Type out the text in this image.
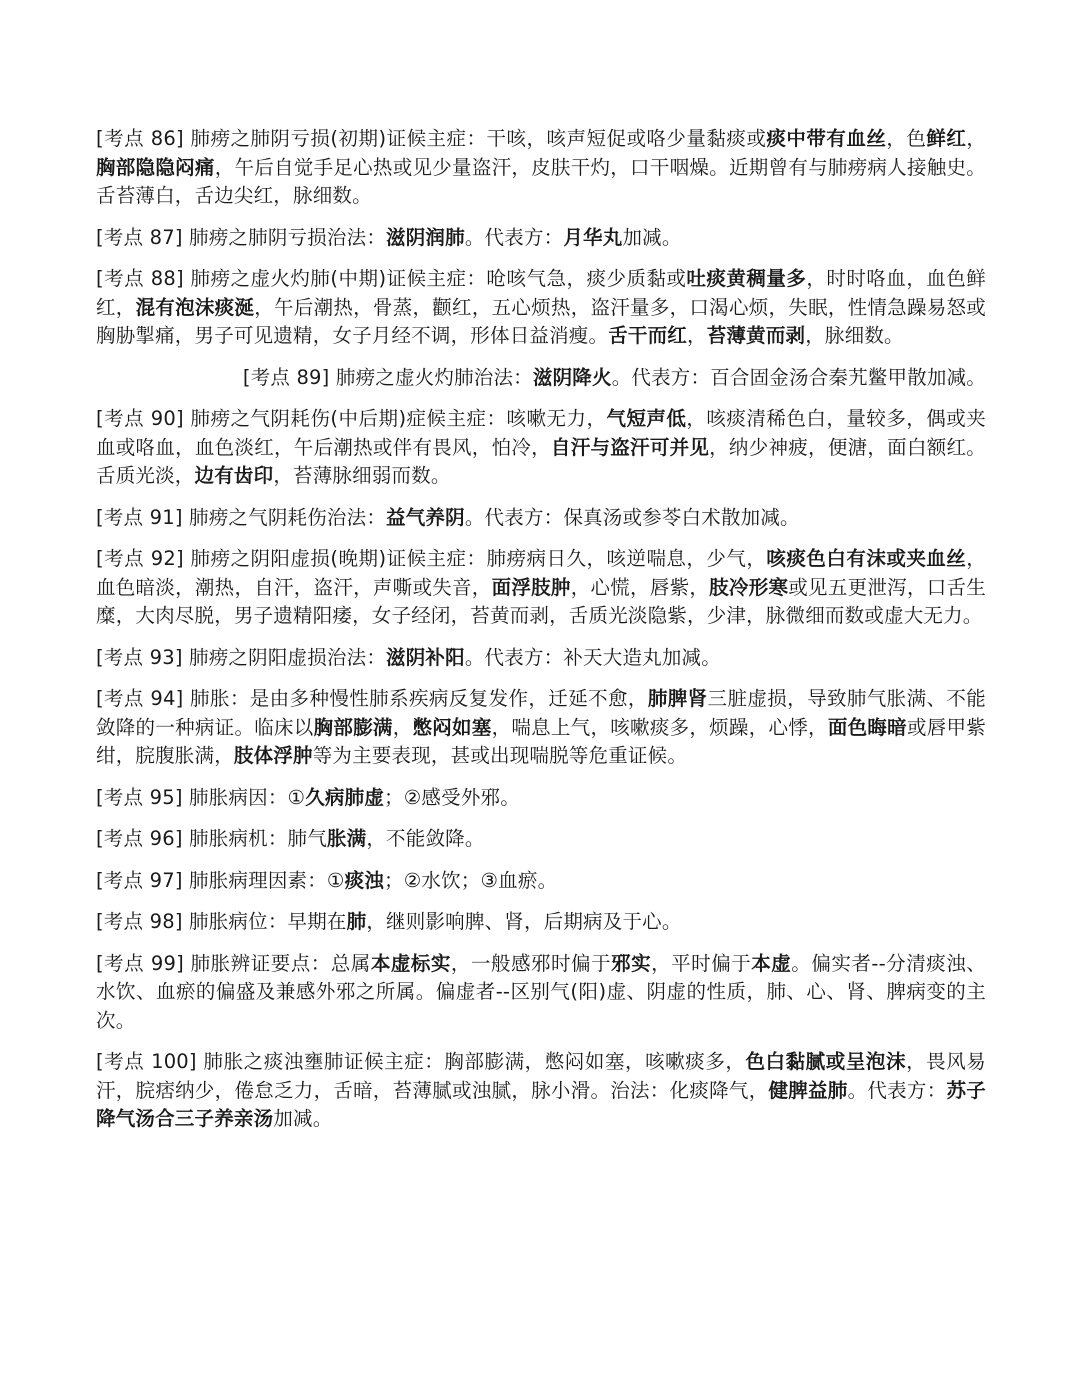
[考点 86] 肺痨之肺阴亏损(初期)证候主症：干咳，咳声短促或咯少量黏痰或痰中带有血丝，色鲜红，胸部隐隐闷痛，午后自觉手足心热或见少量盗汗，皮肤干灼，口干咽燥。近期曾有与肺痨病人接触史。舌苔薄白，舌边尖红，脉细数。

[考点 87] 肺痨之肺阴亏损治法：滋阴润肺。代表方：月华丸加减。

[考点 88] 肺痨之虚火灼肺(中期)证候主症：呛咳气急，痰少质黏或吐痰黄稠量多，时时咯血，血色鲜红，混有泡沫痰涎，午后潮热，骨蒸，颧红，五心烦热，盗汗量多，口渴心烦，失眠，性情急躁易怒或胸胁掣痛，男子可见遗精，女子月经不调，形体日益消瘦。舌干而红，苔薄黄而剥，脉细数。

[考点 89] 肺痨之虚火灼肺治法：滋阴降火。代表方：百合固金汤合秦艽鳖甲散加减。

[考点 90] 肺痨之气阴耗伤(中后期)症候主症：咳嗽无力，气短声低，咳痰清稀色白，量较多，偶或夹血或咯血，血色淡红，午后潮热或伴有畏风，怕冷，自汗与盗汗可并见，纳少神疲，便溏，面白额红。舌质光淡，边有齿印，苔薄脉细弱而数。

[考点 91] 肺痨之气阴耗伤治法：益气养阴。代表方：保真汤或参苓白术散加减。

[考点 92] 肺痨之阴阳虚损(晚期)证候主症：肺痨病日久，咳逆喘息，少气，咳痰色白有沫或夹血丝，血色暗淡，潮热，自汗，盗汗，声嘶或失音，面浮肢肿，心慌，唇紫，肢冷形寒或见五更泄泻，口舌生糜，大肉尽脱，男子遗精阳痿，女子经闭，苔黄而剥，舌质光淡隐紫，少津，脉微细而数或虚大无力。

[考点 93] 肺痨之阴阳虚损治法：滋阴补阳。代表方：补天大造丸加减。

[考点 94] 肺胀：是由多种慢性肺系疾病反复发作，迁延不愈，肺脾肾三脏虚损，导致肺气胀满、不能敛降的一种病证。临床以胸部膨满，憋闷如塞，喘息上气，咳嗽痰多，烦躁，心悸，面色晦暗或唇甲紫绀，脘腹胀满，肢体浮肿等为主要表现，甚或出现喘脱等危重证候。

[考点 95] 肺胀病因：①久病肺虚；②感受外邪。

[考点 96] 肺胀病机：肺气胀满，不能敛降。

[考点 97] 肺胀病理因素：①痰浊；②水饮；③血瘀。

[考点 98] 肺胀病位：早期在肺，继则影响脾、肾，后期病及于心。

[考点 99] 肺胀辨证要点：总属本虚标实，一般感邪时偏于邪实，平时偏于本虚。偏实者--分清痰浊、水饮、血瘀的偏盛及兼感外邪之所属。偏虚者--区别气(阳)虚、阴虚的性质，肺、心、肾、脾病变的主次。

[考点 100] 肺胀之痰浊壅肺证候主症：胸部膨满，憋闷如塞，咳嗽痰多，色白黏腻或呈泡沫，畏风易汗，脘痞纳少，倦怠乏力，舌暗，苔薄腻或浊腻，脉小滑。治法：化痰降气，健脾益肺。代表方：苏子降气汤合三子养亲汤加减。
